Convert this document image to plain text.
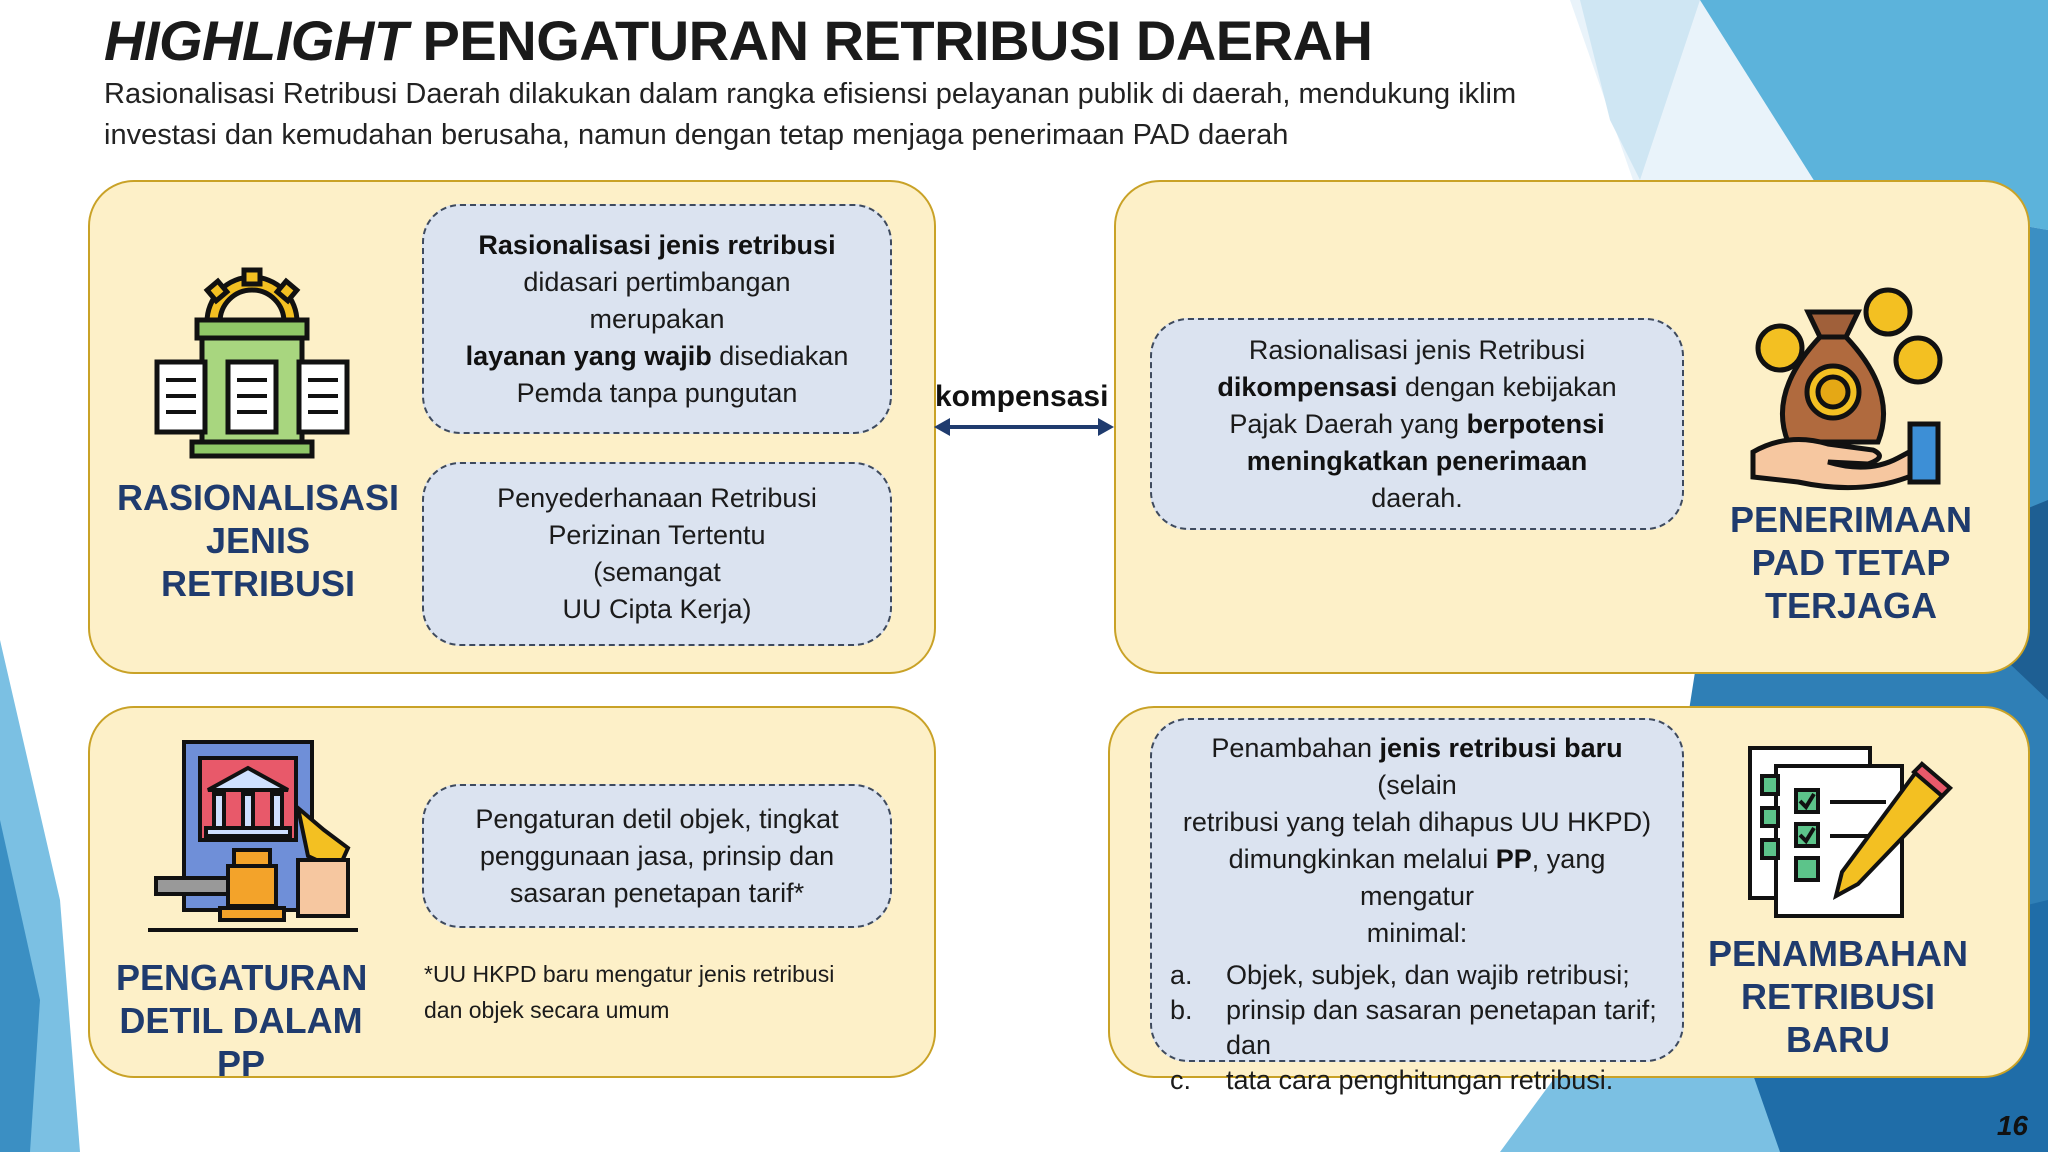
HIGHLIGHT PENGATURAN RETRIBUSI DAERAH
Rasionalisasi Retribusi Daerah dilakukan dalam rangka efisiensi pelayanan publik di daerah, mendukung iklim
investasi dan kemudahan berusaha, namun dengan tetap menjaga penerimaan PAD daerah
RASIONALISASI JENIS RETRIBUSI
Rasionalisasi jenis retribusi
didasari pertimbangan
merupakan
layanan yang wajib disediakan
Pemda tanpa pungutan
Penyederhanaan Retribusi
Perizinan Tertentu
(semangat
UU Cipta Kerja)
kompensasi
Rasionalisasi jenis Retribusi
dikompensasi dengan kebijakan
Pajak Daerah yang berpotensi
meningkatkan penerimaan
daerah.
PENERIMAAN PAD TETAP TERJAGA
PENGATURAN DETIL DALAM PP
Pengaturan detil objek, tingkat
penggunaan jasa, prinsip dan
sasaran penetapan tarif*
*UU HKPD baru mengatur jenis retribusi
dan objek secara umum
Penambahan jenis retribusi baru (selain
retribusi yang telah dihapus UU HKPD)
dimungkinkan melalui PP, yang mengatur
minimal:
a.	Objek, subjek, dan wajib retribusi;
b.	prinsip dan sasaran penetapan tarif; dan
c.	tata cara penghitungan retribusi.
PENAMBAHAN RETRIBUSI BARU
16
